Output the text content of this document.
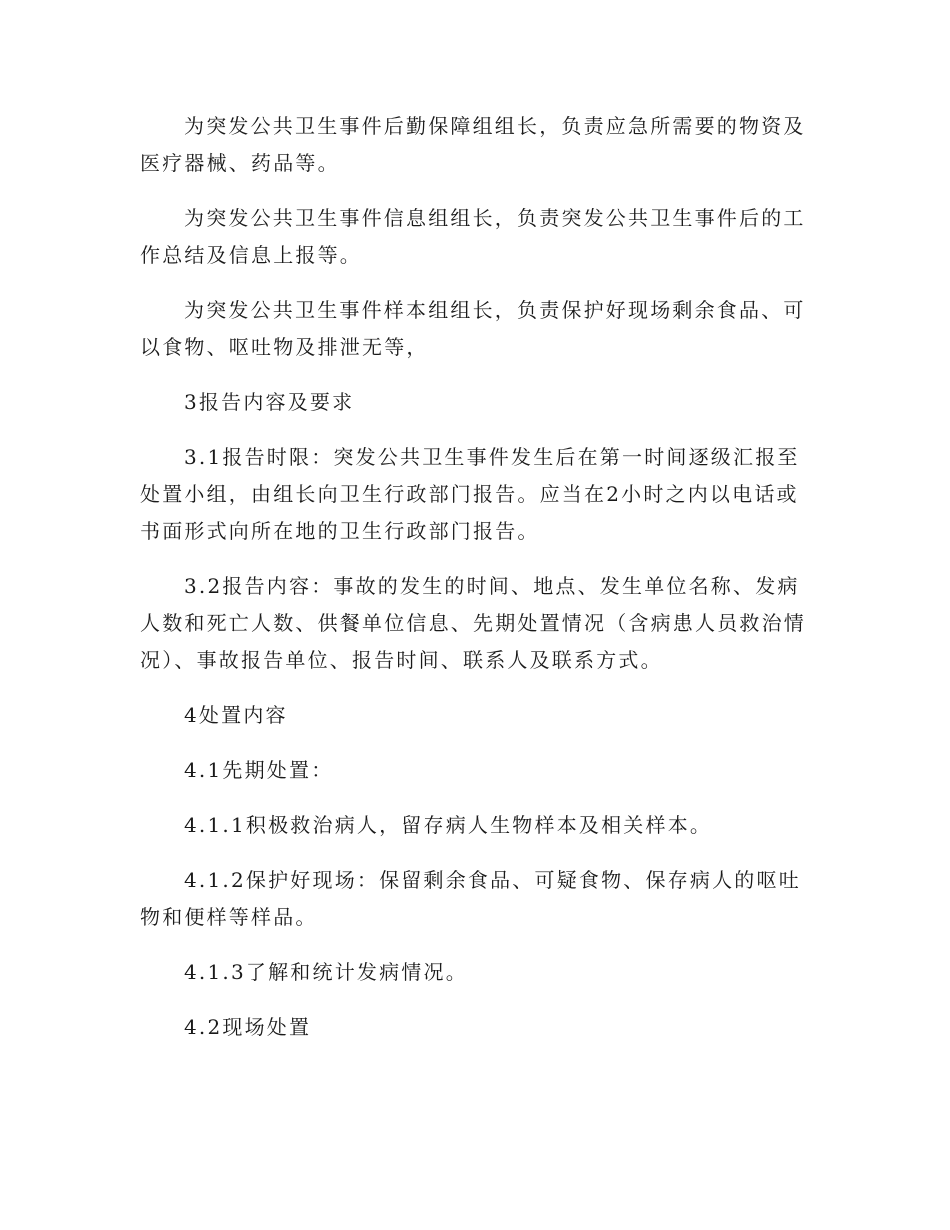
为突发公共卫生事件后勤保障组组长，负责应急所需要的物资及医疗器械、药品等。

为突发公共卫生事件信息组组长，负责突发公共卫生事件后的工作总结及信息上报等。

为突发公共卫生事件样本组组长，负责保护好现场剩余食品、可以食物、呕吐物及排泄无等，

3报告内容及要求

3.1报告时限：突发公共卫生事件发生后在第一时间逐级汇报至处置小组，由组长向卫生行政部门报告。应当在2小时之内以电话或书面形式向所在地的卫生行政部门报告。

3.2报告内容：事故的发生的时间、地点、发生单位名称、发病人数和死亡人数、供餐单位信息、先期处置情况（含病患人员救治情况）、事故报告单位、报告时间、联系人及联系方式。

4处置内容

4.1先期处置：

4.1.1积极救治病人，留存病人生物样本及相关样本。

4.1.2保护好现场：保留剩余食品、可疑食物、保存病人的呕吐物和便样等样品。

4.1.3了解和统计发病情况。

4.2现场处置
